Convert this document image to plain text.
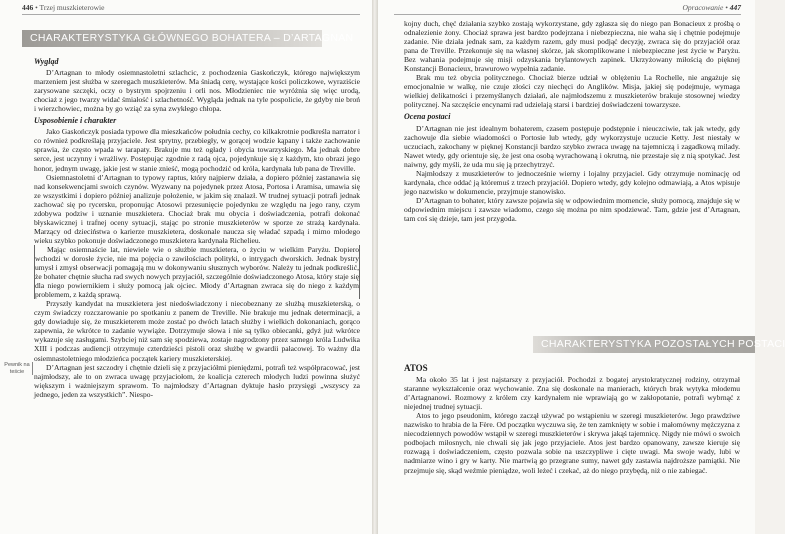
446 • Trzej muszkieterowie
CHARAKTERYSTYKA GŁÓWNEGO BOHATERA – D’ARTAGNAN
Pewnik na teście
Wygląd

D’Artagnan to młody osiemnastoletni szlachcic, z pochodzenia Gaskończyk, którego największym marzeniem jest służba w szeregach muszkieterów. Ma śniadą cerę, wystające kości policzkowe, wyraziście zarysowane szczęki, oczy o bystrym spojrzeniu i orli nos. Młodzieniec nie wyróżnia się więc urodą, chociaż z jego twarzy widać śmiałość i szlachetność. Wygląda jednak na tyle pospolicie, że gdyby nie broń i wierzchowiec, można by go wziąć za syna zwykłego chłopa.

Usposobienie i charakter

Jako Gaskończyk posiada typowe dla mieszkańców południa cechy, co kilkakrotnie podkreśla narrator i co również podkreślają przyjaciele. Jest sprytny, przebiegły, w gorącej wodzie kąpany i także zachowanie sprawia, że często wpada w tarapaty. Brakuje mu też ogłady i obycia towarzyskiego. Ma jednak dobre serce, jest uczynny i wrażliwy. Postępując zgodnie z radą ojca, pojedynkuje się z każdym, kto obrazi jego honor, jednym uwagę, jakie jest w stanie znieść, mogą pochodzić od króla, kardynała lub pana de Treville.

Osiemnastoletni d’Artagnan to typowy raptus, który najpierw działa, a dopiero później zastanawia się nad konsekwencjami swoich czynów. Wyzwany na pojedynek przez Atosa, Portosa i Aramisa, umawia się ze wszystkimi i dopiero później analizuje położenie, w jakim się znalazł. W trudnej sytuacji potrafi jednak zachować się po rycersku, proponując Atosowi przesunięcie pojedynku ze względu na jego rany, czym zdobywa podziw i uznanie muszkietera. Chociaż brak mu obycia i doświadczenia, potrafi dokonać błyskawicznej i trafnej oceny sytuacji, stając po stronie muszkieterów w sporze ze strażą kardynała. Marzący od dzieciństwa o karierze muszkietera, doskonale naucza się władać szpadą i mimo młodego wieku szybko pokonuje doświadczonego muszkietera kardynała Richelieu.

Mając osiemnaście lat, niewiele wie o służbie muszkietera, o życiu w wielkim Paryżu. Dopiero wchodzi w dorosłe życie, nie ma pojęcia o zawiłościach polityki, o intrygach dworskich. Jednak bystry umysł i zmysł obserwacji pomagają mu w dokonywaniu słusznych wyborów. Należy tu jednak podkreślić, że bohater chętnie słucha rad swych nowych przyjaciół, szczególnie doświadczonego Atosa, który staje się dla niego powiernikiem i służy pomocą jak ojciec. Młody d’Artagnan zwraca się do niego z każdym problemem, z każdą sprawą.

Przyszły kandydat na muszkietera jest niedoświadczony i niecobeznany ze służbą muszkieterską, o czym świadczy rozczarowanie po spotkaniu z panem de Treville. Nie brakuje mu jednak determinacji, a gdy dowiaduje się, że muszkieterem może zostać po dwóch latach służby i wielkich dokonaniach, gorąco zapewnia, że wkrótce to zadanie wywiąże. Dotrzymuje słowa i nie są tylko obiecanki, gdyż już wkrótce wykazuje się zasługami. Szybciej niż sam się spodziewa, zostaje nagrodzony przez samego króla Ludwika XIII i podczas audiencji otrzymuje czterdzieści pistoli oraz służbę w gwardii pałacowej. To ważny dla osiemnastoletniego młodzieńca początek kariery muszkieterskiej.

D’Artagnan jest szczodry i chętnie dzieli się z przyjaciółmi pieniędzmi, potrafi też współpracować, jest najmłodszy, ale to on zwraca uwagę przyjaciołom, że koalicja czterech młodych ludzi powinna służyć większym i ważniejszym sprawom. To najmłodszy d’Artagnan dyktuje hasło przysięgi „wszyscy za jednego, jeden za wszystkich”. Niespo-

Opracowanie • 447

kojny duch, chęć działania szybko zostają wykorzystane, gdy zgłasza się do niego pan Bonacieux z prośbą o odnalezienie żony. Chociaż sprawa jest bardzo podejrzana i niebezpieczna, nie waha się i chętnie podejmuje zadanie. Nie działa jednak sam, za każdym razem, gdy musi podjąć decyzję, zwraca się do przyjaciół oraz pana de Treville. Przekonuje się na własnej skórze, jak skomplikowane i niebezpieczne jest życie w Paryżu. Bez wahania podejmuje się misji odzyskania brylantowych zapinek. Ukrzyżowany miłością do pięknej Konstancji Bonacieux, brawurowo wypełnia zadanie.

Brak mu też obycia politycznego. Chociaż bierze udział w oblężeniu La Rochelle, nie angażuje się emocjonalnie w walkę, nie czuje złości czy niechęci do Anglików. Misja, jakiej się podejmuje, wymaga wielkiej delikatności i przemyślanych działań, ale najmłodszemu z muszkieterów brakuje stosownej wiedzy politycznej. Na szczęście encynami rad udzielają starsi i bardziej doświadczeni towarzysze.

Ocena postaci

D’Artagnan nie jest idealnym bohaterem, czasem postępuje podstępnie i nieuczciwie, tak jak wtedy, gdy zachowuje dla siebie wiadomości o Portosie lub wtedy, gdy wykorzystuje uczucie Ketty. Jest niestały w uczuciach, zakochany w pięknej Konstancji bardzo szybko zwraca uwagę na tajemniczą i zagadkową milady. Nawet wtedy, gdy orientuje się, że jest ona osobą wyrachowaną i okrutną, nie przestaje się z nią spotykać. Jest naiwny, gdy myśli, że uda mu się ją przechytrzyć.

Najmłodszy z muszkieterów to jednocześnie wierny i lojalny przyjaciel. Gdy otrzymuje nominację od kardynała, chce oddać ją któremuś z trzech przyjaciół. Dopiero wtedy, gdy kolejno odmawiają, a Atos wpisuje jego nazwisko w dokumencie, przyjmuje stanowisko.

D’Artagnan to bohater, który zawsze pojawia się w odpowiednim momencie, służy pomocą, znajduje się w odpowiednim miejscu i zawsze wiadomo, czego się można po nim spodziewać. Tam, gdzie jest d’Artagnan, tam coś się dzieje, tam jest przygoda.

CHARAKTERYSTYKA POZOSTAŁYCH POSTACI
ATOS

Ma około 35 lat i jest najstarszy z przyjaciół. Pochodzi z bogatej arystokratycznej rodziny, otrzymał staranne wykształcenie oraz wychowanie. Zna się doskonale na manierach, których brak wytyka młodemu d’Artagnanowi. Rozmowy z królem czy kardynałem nie wprawiają go w zakłopotanie, potrafi wybrnąć z niejednej trudnej sytuacji.

Atos to jego pseudonim, którego zaczął używać po wstąpieniu w szeregi muszkieterów. Jego prawdziwe nazwisko to hrabia de la Fère. Od początku wyczuwa się, że ten zamknięty w sobie i małomówny mężczyzna z niecodziennych powodów wstąpił w szeregi muszkieterów i skrywa jakąś tajemnicę. Nigdy nie mówi o swoich podbojach miłosnych, nie chwali się jak jego przyjaciele. Atos jest bardzo opanowany, zawsze kieruje się rozwagą i doświadczeniem, często pozwala sobie na uszczypliwe i cięte uwagi. Ma swoje wady, lubi w nadmiarze wino i gry w karty. Nie martwią go przegrane sumy, nawet gdy zastawia najdroższe pamiątki. Nie przejmuje się, skąd weźmie pieniądze, woli leżeć i czekać, aż do niego przybędą, niż o nie zabiegać.
